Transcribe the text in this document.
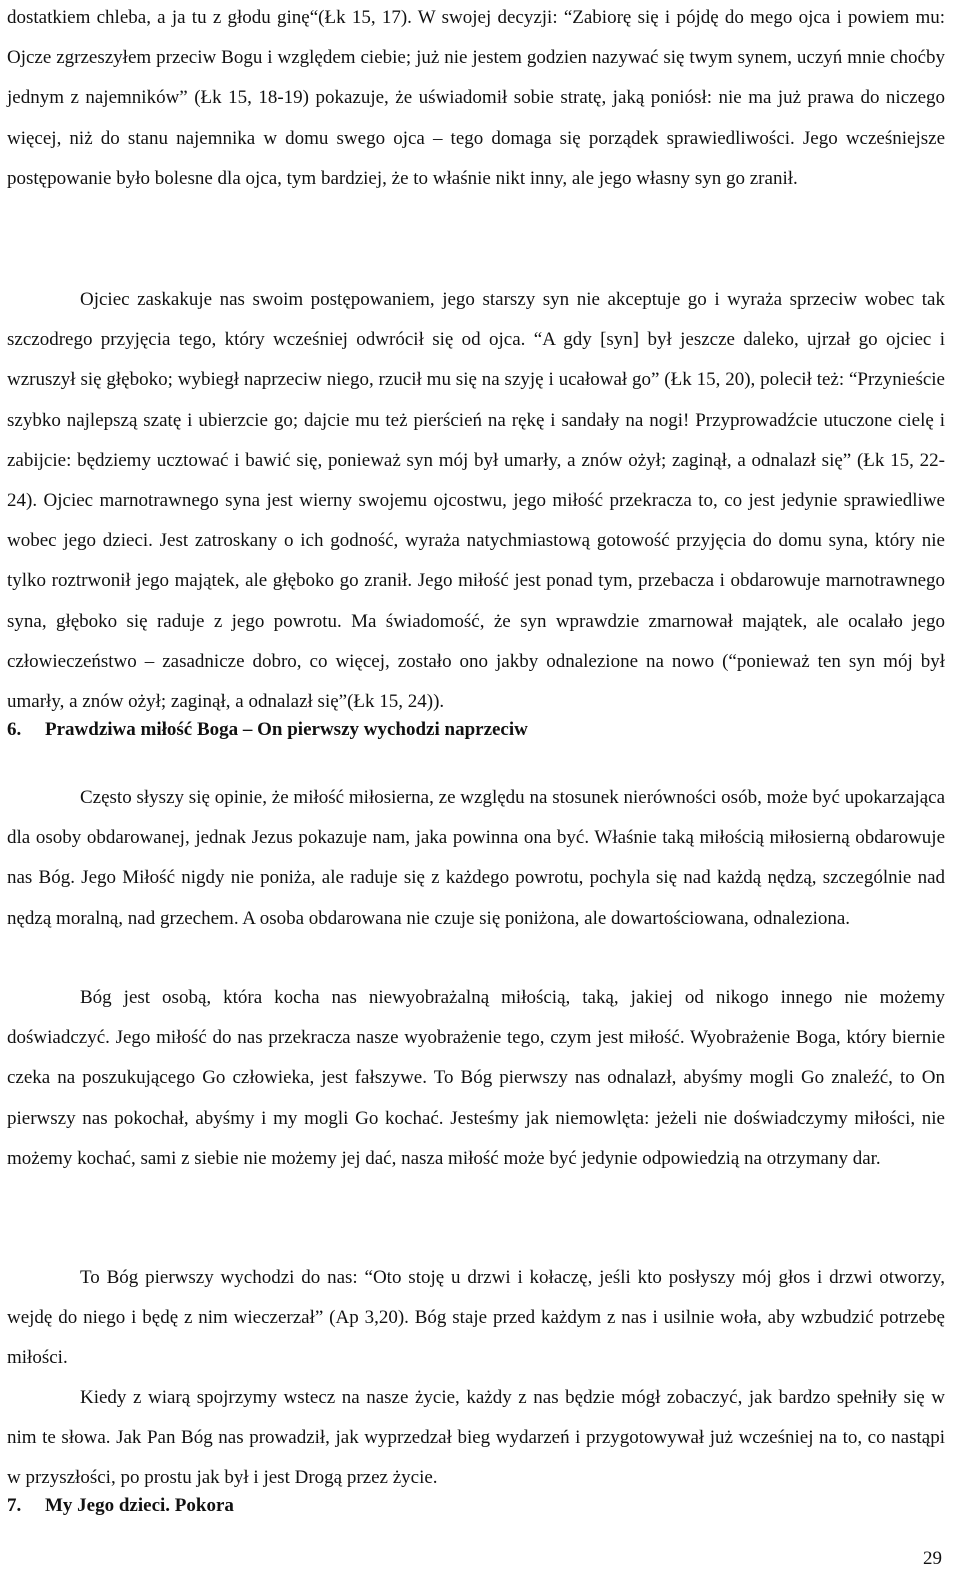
dostatkiem chleba, a ja tu z głodu ginę“(Łk 15, 17). W swojej decyzji: “Zabiorę się i pójdę do mego ojca i powiem mu: Ojcze zgrzeszyłem przeciw Bogu i względem ciebie; już nie jestem godzien nazywać się twym synem, uczyń mnie choćby jednym z najemników” (Łk 15, 18-19) pokazuje, że uświadomił sobie stratę, jaką poniósł: nie ma już prawa do niczego więcej, niż do stanu najemnika w domu swego ojca – tego domaga się porządek sprawiedliwości. Jego wcześniejsze postępowanie było bolesne dla ojca, tym bardziej, że to właśnie nikt inny, ale jego własny syn go zranił.

Ojciec zaskakuje nas swoim postępowaniem, jego starszy syn nie akceptuje go i wyraża sprzeciw wobec tak szczodrego przyjęcia tego, który wcześniej odwrócił się od ojca. “A gdy [syn] był jeszcze daleko, ujrzał go ojciec i wzruszył się głęboko; wybiegł naprzeciw niego, rzucił mu się na szyję i ucałował go” (Łk 15, 20), polecił też: “Przynieście szybko najlepszą szatę i ubierzcie go; dajcie mu też pierścień na rękę i sandały na nogi! Przyprowadźcie utuczone cielę i zabijcie: będziemy ucztować i bawić się, ponieważ syn mój był umarły, a znów ożył; zaginął, a odnalazł się” (Łk 15, 22-24). Ojciec marnotrawnego syna jest wierny swojemu ojcostwu, jego miłość przekracza to, co jest jedynie sprawiedliwe wobec jego dzieci. Jest zatroskany o ich godność, wyraża natychmiastową gotowość przyjęcia do domu syna, który nie tylko roztrwonił jego majątek, ale głęboko go zranił. Jego miłość jest ponad tym, przebacza i obdarowuje marnotrawnego syna, głęboko się raduje z jego powrotu. Ma świadomość, że syn wprawdzie zmarnował majątek, ale ocalało jego człowieczeństwo – zasadnicze dobro, co więcej, zostało ono jakby odnalezione na nowo (“ponieważ ten syn mój był umarły, a znów ożył; zaginął, a odnalazł się”(Łk 15, 24)).

6. Prawdziwa miłość Boga – On pierwszy wychodzi naprzeciw

Często słyszy się opinie, że miłość miłosierna, ze względu na stosunek nierówności osób, może być upokarzająca dla osoby obdarowanej, jednak Jezus pokazuje nam, jaka powinna ona być. Właśnie taką miłością miłosierną obdarowuje nas Bóg. Jego Miłość nigdy nie poniża, ale raduje się z każdego powrotu, pochyla się nad każdą nędzą, szczególnie nad nędzą moralną, nad grzechem. A osoba obdarowana nie czuje się poniżona, ale dowartościowana, odnaleziona.

Bóg jest osobą, która kocha nas niewyobrażalną miłością, taką, jakiej od nikogo innego nie możemy doświadczyć. Jego miłość do nas przekracza nasze wyobrażenie tego, czym jest miłość. Wyobrażenie Boga, który biernie czeka na poszukującego Go człowieka, jest fałszywe. To Bóg pierwszy nas odnalazł, abyśmy mogli Go znaleźć, to On pierwszy nas pokochał, abyśmy i my mogli Go kochać. Jesteśmy jak niemowlęta: jeżeli nie doświadczymy miłości, nie możemy kochać, sami z siebie nie możemy jej dać, nasza miłość może być jedynie odpowiedzią na otrzymany dar.

To Bóg pierwszy wychodzi do nas: “Oto stoję u drzwi i kołaczę, jeśli kto posłyszy mój głos i drzwi otworzy, wejdę do niego i będę z nim wieczerzał” (Ap 3,20). Bóg staje przed każdym z nas i usilnie woła, aby wzbudzić potrzebę miłości.

Kiedy z wiarą spojrzymy wstecz na nasze życie, każdy z nas będzie mógł zobaczyć, jak bardzo spełniły się w nim te słowa. Jak Pan Bóg nas prowadził, jak wyprzedzał bieg wydarzeń i przygotowywał już wcześniej na to, co nastąpi w przyszłości, po prostu jak był i jest Drogą przez życie.

7. My Jego dzieci. Pokora

29
